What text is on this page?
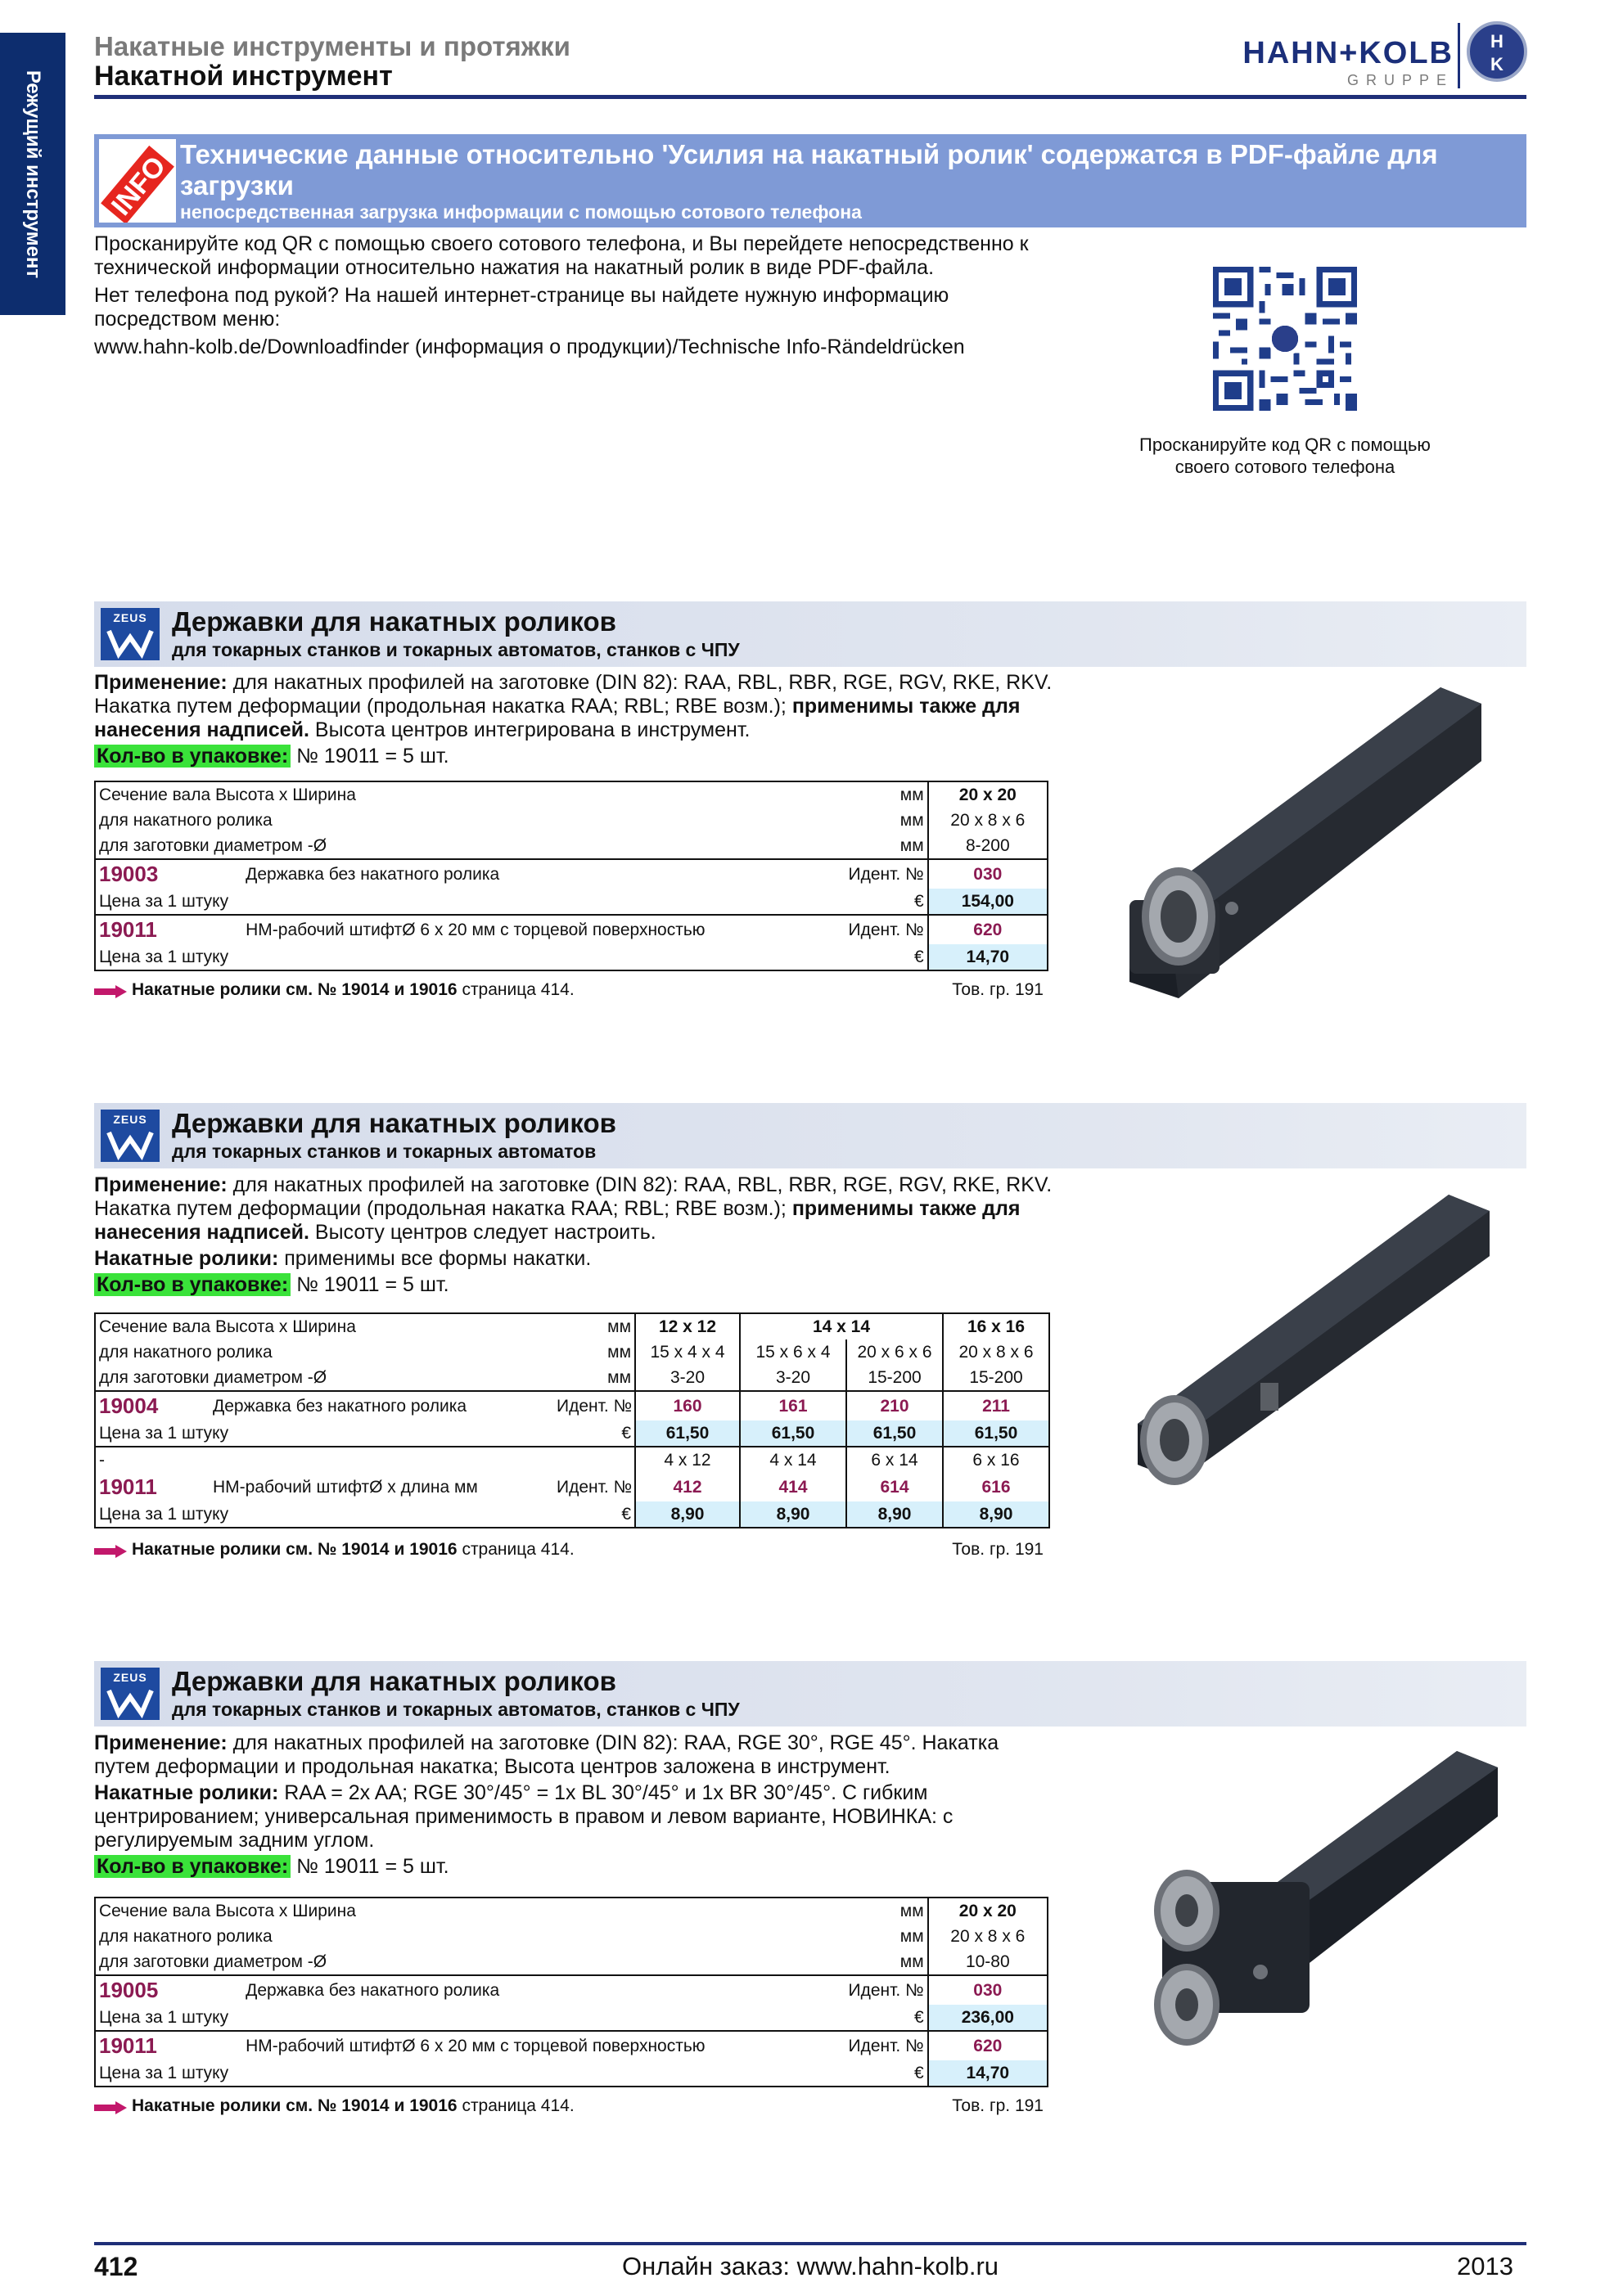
Режущий инструмент
Накатные инструменты и протяжки
Накатной инструмент
HAHN+KOLB
GRUPPE
H
K
INFO Технические данные относительно 'Усилия на накатный ролик' содержатся в PDF-файле для загрузки
непосредственная загрузка информации с помощью сотового телефона

Просканируйте код QR с помощью своего сотового телефона, и Вы перейдете непосредственно к технической информации относительно нажатия на накатный ролик в виде PDF-файла.

Нет телефона под рукой? На нашей интернет-странице вы найдете нужную информацию посредством меню:

www.hahn-kolb.de/Downloadfinder (информация о продукции)/Technische Info-Rändeldrücken

Просканируйте код QR с помощью своего сотового телефона
ZEUS Державки для накатных роликов
для токарных станков и токарных автоматов, станков с ЧПУ

Применение: для накатных профилей на заготовке (DIN 82): RAA, RBL, RBR, RGE, RGV, RKE, RKV. Накатка путем деформации (продольная накатка RAA; RBL; RBE возм.); применимы также для нанесения надписей. Высота центров интегрирована в инструмент.

Кол-во в упаковке: № 19011 = 5 шт.

Сечение вала Высота x Ширина		мм	20 x 20
для накатного ролика		мм	20 x 8 x 6
для заготовки диаметром -Ø		мм	8-200
19003	Державка без накатного ролика	Идент. №	030
Цена за 1 штуку		€	154,00
19011	HM-рабочий штифтØ 6 x 20 мм с торцевой поверхностью	Идент. №	620
Цена за 1 штуку		€	14,70
Накатные ролики см. № 19014 и 19016 страница 414.	Тов. гр. 191
ZEUS Державки для накатных роликов
для токарных станков и токарных автоматов

Применение: для накатных профилей на заготовке (DIN 82): RAA, RBL, RBR, RGE, RGV, RKE, RKV. Накатка путем деформации (продольная накатка RAA; RBL; RBE возм.); применимы также для нанесения надписей. Высоту центров следует настроить.

Накатные ролики: применимы все формы накатки.

Кол-во в упаковке: № 19011 = 5 шт.

Сечение вала Высота x Ширина		мм	12 x 12	14 x 14		16 x 16
для накатного ролика		мм	15 x 4 x 4	15 x 6 x 4	20 x 6 x 6	20 x 8 x 6
для заготовки диаметром -Ø		мм	3-20	3-20	15-200	15-200
19004	Державка без накатного ролика	Идент. №	160	161	210	211
Цена за 1 штуку		€	61,50	61,50	61,50	61,50
-			4 x 12	4 x 14	6 x 14	6 x 16
19011	HM-рабочий штифтØ x длина мм	Идент. №	412	414	614	616
Цена за 1 штуку		€	8,90	8,90	8,90	8,90
Накатные ролики см. № 19014 и 19016 страница 414.	Тов. гр. 191
ZEUS Державки для накатных роликов
для токарных станков и токарных автоматов, станков с ЧПУ

Применение: для накатных профилей на заготовке (DIN 82): RAA, RGE 30°, RGE 45°. Накатка путем деформации и продольная накатка; Высота центров заложена в инструмент.

Накатные ролики: RAA = 2x AA; RGE 30°/45° = 1x BL 30°/45° и 1x BR 30°/45°. С гибким центрированием; универсальная применимость в правом и левом варианте, НОВИНКА: с регулируемым задним углом.

Кол-во в упаковке: № 19011 = 5 шт.

Сечение вала Высота x Ширина		мм	20 x 20
для накатного ролика		мм	20 x 8 x 6
для заготовки диаметром -Ø		мм	10-80
19005	Державка без накатного ролика	Идент. №	030
Цена за 1 штуку		€	236,00
19011	HM-рабочий штифтØ 6 x 20 мм с торцевой поверхностью	Идент. №	620
Цена за 1 штуку		€	14,70
Накатные ролики см. № 19014 и 19016 страница 414.	Тов. гр. 191
412	Онлайн заказ: www.hahn-kolb.ru	2013
